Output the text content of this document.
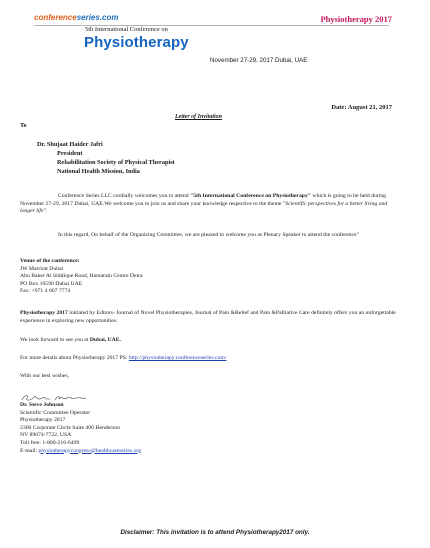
conferenceseries.com	Physiotherapy 2017
5th International Conference on
Physiotherapy
November 27-29, 2017 Dubai, UAE
Date: August 21, 2017
Letter of Invitation
To
Dr. Shujaat Haider Jafri
President
Rehabilitation Society of Physical Therapist
National Health Mission, India
Conference Series LLC cordially welcomes you to attend "5th International Conference on Physiotherapy" which is going to be held during November 27-29, 2017 Dubai, UAE.We welcome you to join us and share your knowledge respective to the theme "Scientific perspectives for a better living and longer life".
In this regard, On behalf of the Organizing Committee, we are pleased to welcome you as Plenary Speaker to attend the conference"
Venue of the conference:
JW Marriott Dubai
Abu Baker Al Siddique Road, Hamarain Centre Deira
PO Box 16590 Dubai UAE
Fax: +971 4 607 7774
Physiotherapy 2017 initiated by Editors- Journal of Novel Physiotherapies, Journal of Pain &Relief and Pain &Palliative Care definitely offers you an unforgettable experience in exploring new opportunities.
We look forward to see you at Dubai, UAE.
For more details about Physiotherapy 2017 PS: http://physiotherapy.conferenceseries.com/
With our best wishes,
Dr. Steve Johnson
Scientific Committee Operator
Physiotherapy 2017
2360 Corporate Circle Suite 400 Henderson
NV 89074-7722, USA
Toll free: 1-800-216-6499
E-mail: physiotherapycongress@healthcareseries.org
Disclaimer: This invitation is to attend Physiotherapy2017 only.
